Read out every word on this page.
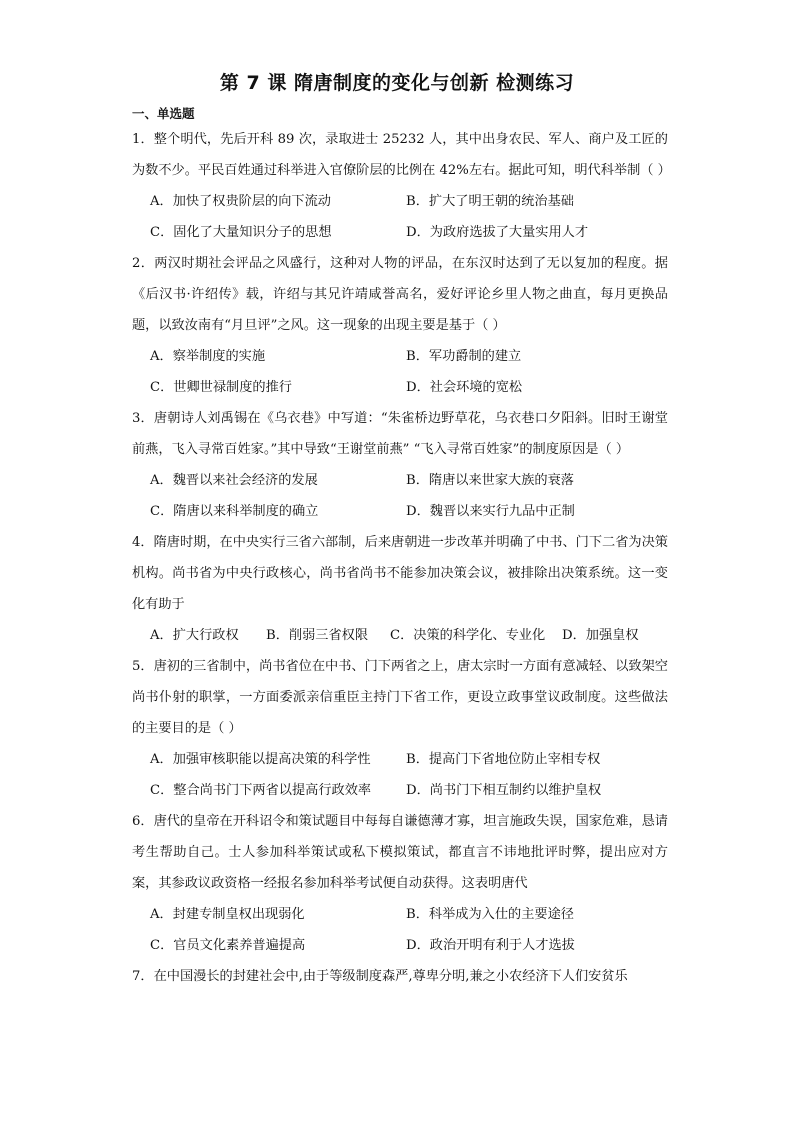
第 7 课 隋唐制度的变化与创新 检测练习
一、单选题
1．整个明代，先后开科 89 次，录取进士 25232 人，其中出身农民、军人、商户及工匠的为数不少。平民百姓通过科举进入官僚阶层的比例在 42%左右。据此可知，明代科举制（ ）
A．加快了权贵阶层的向下流动	B．扩大了明王朝的统治基础
C．固化了大量知识分子的思想	D．为政府选拔了大量实用人才
2．两汉时期社会评品之风盛行，这种对人物的评品，在东汉时达到了无以复加的程度。据《后汉书·许绍传》载，许绍与其兄许靖咸誉高名，爱好评论乡里人物之曲直，每月更换品题，以致汝南有“月旦评”之风。这一现象的出现主要是基于（ ）
A．察举制度的实施	B．军功爵制的建立
C．世卿世禄制度的推行	D．社会环境的宽松
3．唐朝诗人刘禹锡在《乌衣巷》中写道：“朱雀桥边野草花，乌衣巷口夕阳斜。旧时王谢堂前燕，飞入寻常百姓家。”其中导致“王谢堂前燕” “飞入寻常百姓家”的制度原因是（ ）
A．魏晋以来社会经济的发展	B．隋唐以来世家大族的衰落
C．隋唐以来科举制度的确立	D．魏晋以来实行九品中正制
4．隋唐时期，在中央实行三省六部制，后来唐朝进一步改革并明确了中书、门下二省为决策机构。尚书省为中央行政核心，尚书省尚书不能参加决策会议，被排除出决策系统。这一变化有助于
A．扩大行政权	B．削弱三省权限	C．决策的科学化、专业化	D．加强皇权
5．唐初的三省制中，尚书省位在中书、门下两省之上，唐太宗时一方面有意减轻、以致架空尚书仆射的职掌，一方面委派亲信重臣主持门下省工作，更设立政事堂议政制度。这些做法的主要目的是（ ）
A．加强审核职能以提高决策的科学性	B．提高门下省地位防止宰相专权
C．整合尚书门下两省以提高行政效率	D．尚书门下相互制约以维护皇权
6．唐代的皇帝在开科诏令和策试题目中每每自谦德薄才寡，坦言施政失误，国家危难，恳请考生帮助自己。士人参加科举策试或私下模拟策试，都直言不讳地批评时弊，提出应对方案，其参政议政资格一经报名参加科举考试便自动获得。这表明唐代
A．封建专制皇权出现弱化	B．科举成为入仕的主要途径
C．官员文化素养普遍提高	D．政治开明有利于人才选拔
7．在中国漫长的封建社会中,由于等级制度森严,尊卑分明,兼之小农经济下人们安贫乐
